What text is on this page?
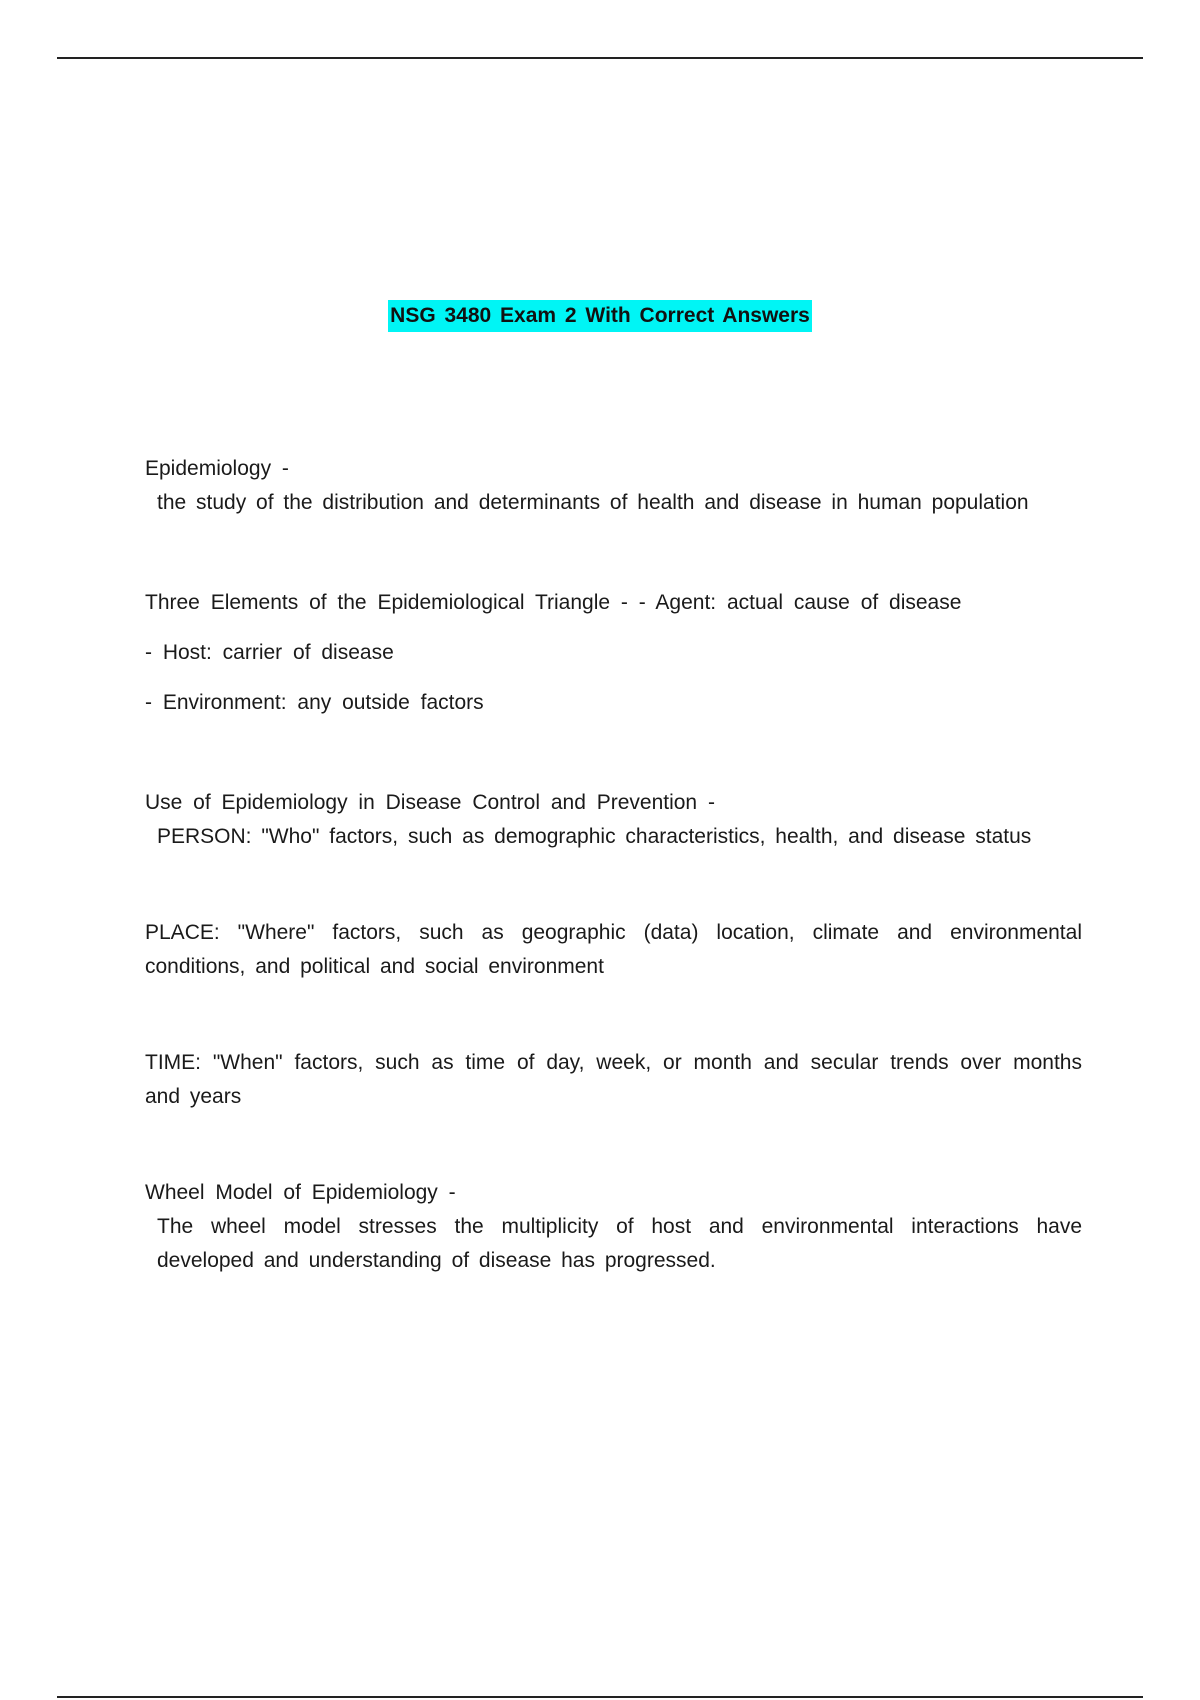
NSG 3480 Exam 2 With Correct Answers

Epidemiology -

the study of the distribution and determinants of health and disease in human population

Three Elements of the Epidemiological Triangle - - Agent: actual cause of disease

- Host: carrier of disease

- Environment: any outside factors

Use of Epidemiology in Disease Control and Prevention -

PERSON: "Who" factors, such as demographic characteristics, health, and disease status

PLACE: "Where" factors, such as geographic (data) location, climate and environmental conditions, and political and social environment

TIME: "When" factors, such as time of day, week, or month and secular trends over months and years

Wheel Model of Epidemiology -

The wheel model stresses the multiplicity of host and environmental interactions have developed and understanding of disease has progressed.
